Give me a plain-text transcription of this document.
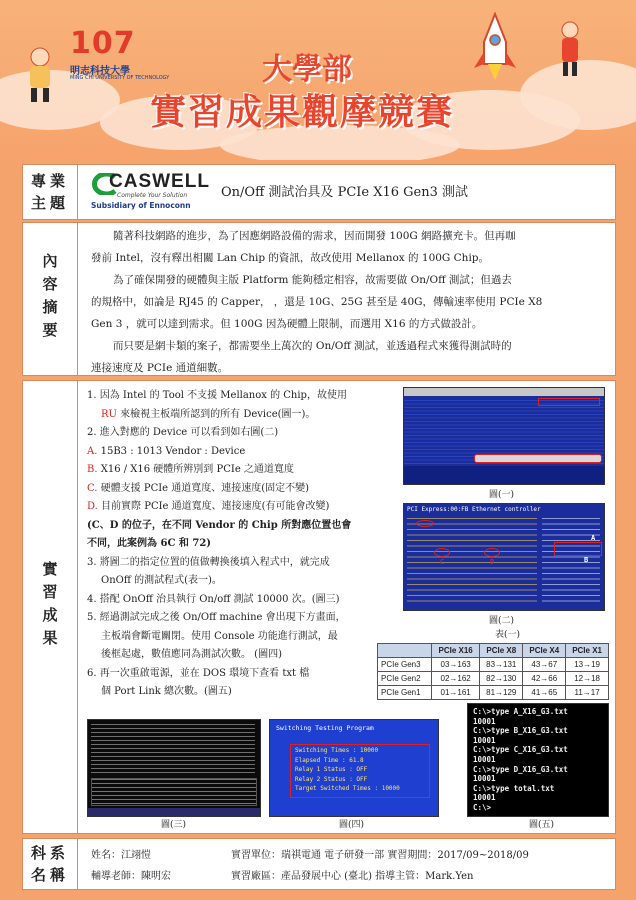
107
明志科技大學
MING CHI UNIVERSITY OF TECHNOLOGY	大學部
實習成果觀摩競賽
專業主題
CASWELL
Complete Your Solution
Subsidiary of Ennoconn
On/Off 測試治具及 PCIe X16 Gen3 測試
內容摘要
隨著科技網路的進步，為了因應網路設備的需求，因而開發 100G 網路擴充卡。但再咖
發前 Intel，沒有釋出相關 Lan Chip 的資訊，故改使用 Mellanox 的 100G Chip。
為了確保開發的硬體與主版 Platform 能夠穩定相容，故需要做 On/Off 測試；但過去
的規格中，如論是 RJ45 的 Capper， ，還是 10G、25G 甚至是 40G，傳輸速率使用 PCIe X8
Gen 3 ，就可以達到需求。但 100G 因為硬體上限制，而選用 X16 的方式做設計。
而只要是網卡類的案子，都需要坐上萬次的 On/Off 測試，並透過程式來獲得測試時的
連接速度及 PCIe 通道細數。
實習成果
1. 因為 Intel 的 Tool 不支援 Mellanox 的 Chip，故使用
RU 來檢視主板端所認到的所有 Device(圖一)。
2. 進入對應的 Device 可以看到如右圖(二)
A. 15B3 : 1013 Vendor : Device
B. X16 / X16 硬體所辨別到 PCIe 之通道寬度
C. 硬體支援 PCIe 通道寬度、連接速度(固定不變)
D. 目前實際 PCIe 通道寬度、連接速度(有可能會改變)
(C、D 的位子，在不同 Vendor 的 Chip 所對應位置也會
不同，此案例為 6C 和 72)
3. 將圖二的指定位置的值做轉換後填入程式中，就完成
OnOff 的測試程式(表一)。
4. 搭配 OnOff 治具執行 On/off 測試 10000 次。(圖三)
5. 經過測試完成之後 On/Off machine 會出現下方畫面，
主板端會斷電關閉。使用 Console 功能進行測試，最
後框起處，數值應同為測試次數。 (圖四)
6. 再一次重啟電源，並在 DOS 環境下查看 txt 檔
個 Port Link 總次數。(圖五)
圖(一)
PCI Express:00:FB Ethernet controller
A
B
C	D
圖(二)
表(一)
	PCIe X16	PCIe X8	PCIe X4	PCIe X1
PCIe Gen3	03→163	83→131	43→67	13→19
PCIe Gen2	02→162	82→130	42→66	12→18
PCIe Gen1	01→161	81→129	41→65	11→17
圖(三)
Switching Testing Program
Switching Times : 10000
Elapsed Time : 61.8
Relay 1 Status : OFF
Relay 2 Status : OFF
Target Switched Times : 10000
圖(四)
C:\>type A_X16_G3.txt
10001
C:\>type B_X16_G3.txt
10001
C:\>type C_X16_G3.txt
10001
C:\>type D_X16_G3.txt
10001
C:\>type total.txt
10001
C:\>
圖(五)
科系名稱
姓名：江翊愷
輔導老師：陳明宏
實習單位：瑞祺電通 電子研發一部 實習期間：2017/09~2018/09
實習廠區：產品發展中心 (臺北) 指導主管：Mark.Yen
